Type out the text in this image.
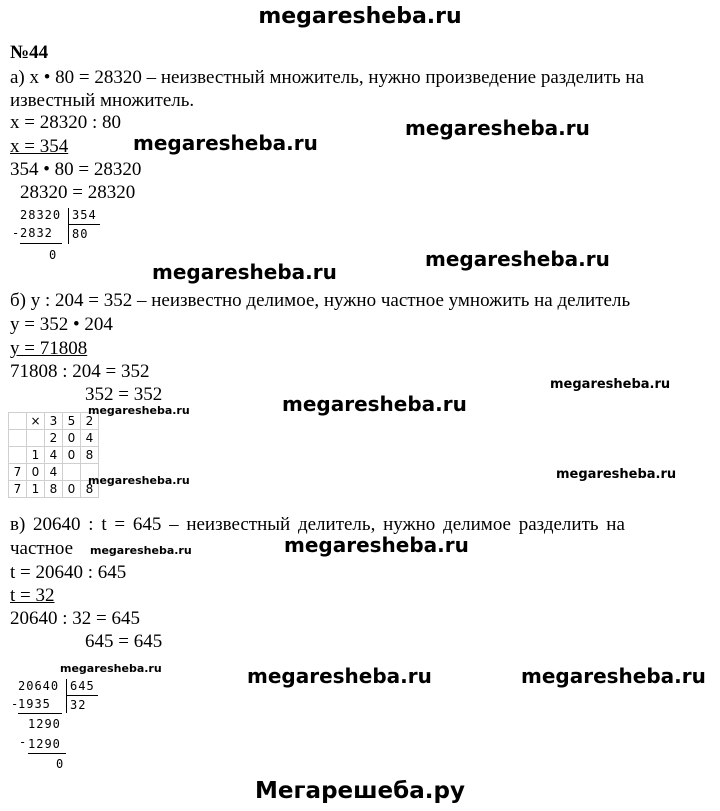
megaresheba.ru
№44
а) x • 80 = 28320 – неизвестный множитель, нужно произведение разделить на
известный множитель.
x = 28320 : 80
x = 354
354 • 80 = 28320
28320 = 28320
28320 354
- 2832 80
0
megaresheba.ru
megaresheba.ru
megaresheba.ru
megaresheba.ru
б) y : 204 = 352 – неизвестно делимое, нужно частное умножить на делитель
y = 352 • 204
y = 71808
71808 : 204 = 352
352 = 352	megaresheba.ru
megaresheba.ru
	×	3	5	2
		2	0	4
	1	4	0	8
7	0	4		
7	1	8	0	8
megaresheba.ru
megaresheba.ru	megaresheba.ru
в) 20640 : t = 645 – неизвестный делитель, нужно делимое разделить на
частное megaresheba.ru	megaresheba.ru
t = 20640 : 645
t = 32
20640 : 32 = 645
645 = 645
megaresheba.ru	megaresheba.ru	megaresheba.ru
20640 645
-
1935 32
1290
- 1290
0
Мегарешеба.ру
